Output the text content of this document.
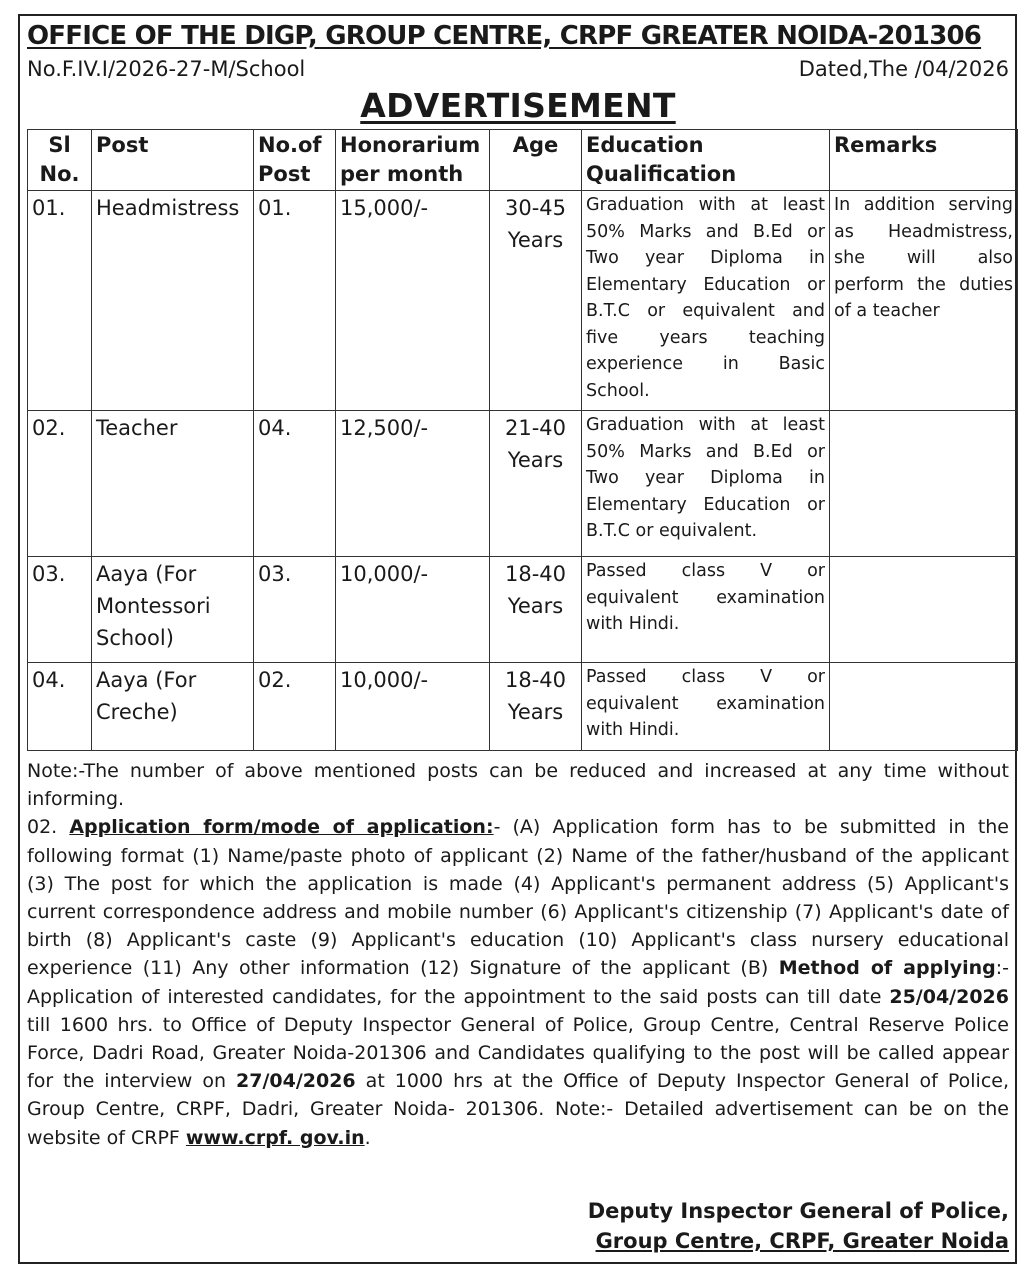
OFFICE OF THE DIGP, GROUP CENTRE, CRPF GREATER NOIDA-201306
No.F.IV.I/2026-27-M/School	Dated,The /04/2026
ADVERTISEMENT
Sl No.	Post	No.of Post	Honorarium per month	Age	Education Qualification	Remarks
01.	Headmistress	01.	15,000/-	30-45 Years	Graduation with at least 50% Marks and B.Ed or Two year Diploma in Elementary Education or B.T.C or equivalent and five years teaching experience in Basic School.	In addition serving as Headmistress, she will also perform the duties of a teacher
02.	Teacher	04.	12,500/-	21-40 Years	Graduation with at least 50% Marks and B.Ed or Two year Diploma in Elementary Education or B.T.C or equivalent.	
03.	Aaya (For Montessori School)	03.	10,000/-	18-40 Years	Passed class V or equivalent examination with Hindi.	
04.	Aaya (For Creche)	02.	10,000/-	18-40 Years	Passed class V or equivalent examination with Hindi.	

Note:-The number of above mentioned posts can be reduced and increased at any time without informing.

02. Application form/mode of application:- (A) Application form has to be submitted in the following format (1) Name/paste photo of applicant (2) Name of the father/husband of the applicant (3) The post for which the application is made (4) Applicant's permanent address (5) Applicant's current correspondence address and mobile number (6) Applicant's citizenship (7) Applicant's date of birth (8) Applicant's caste (9) Applicant's education (10) Applicant's class nursery educational experience (11) Any other information (12) Signature of the applicant (B) Method of applying:- Application of interested candidates, for the appointment to the said posts can till date 25/04/2026 till 1600 hrs. to Office of Deputy Inspector General of Police, Group Centre, Central Reserve Police Force, Dadri Road, Greater Noida-201306 and Candidates qualifying to the post will be called appear for the interview on 27/04/2026 at 1000 hrs at the Office of Deputy Inspector General of Police, Group Centre, CRPF, Dadri, Greater Noida- 201306. Note:- Detailed advertisement can be on the website of CRPF www.crpf. gov.in.

Deputy Inspector General of Police,
Group Centre, CRPF, Greater Noida
